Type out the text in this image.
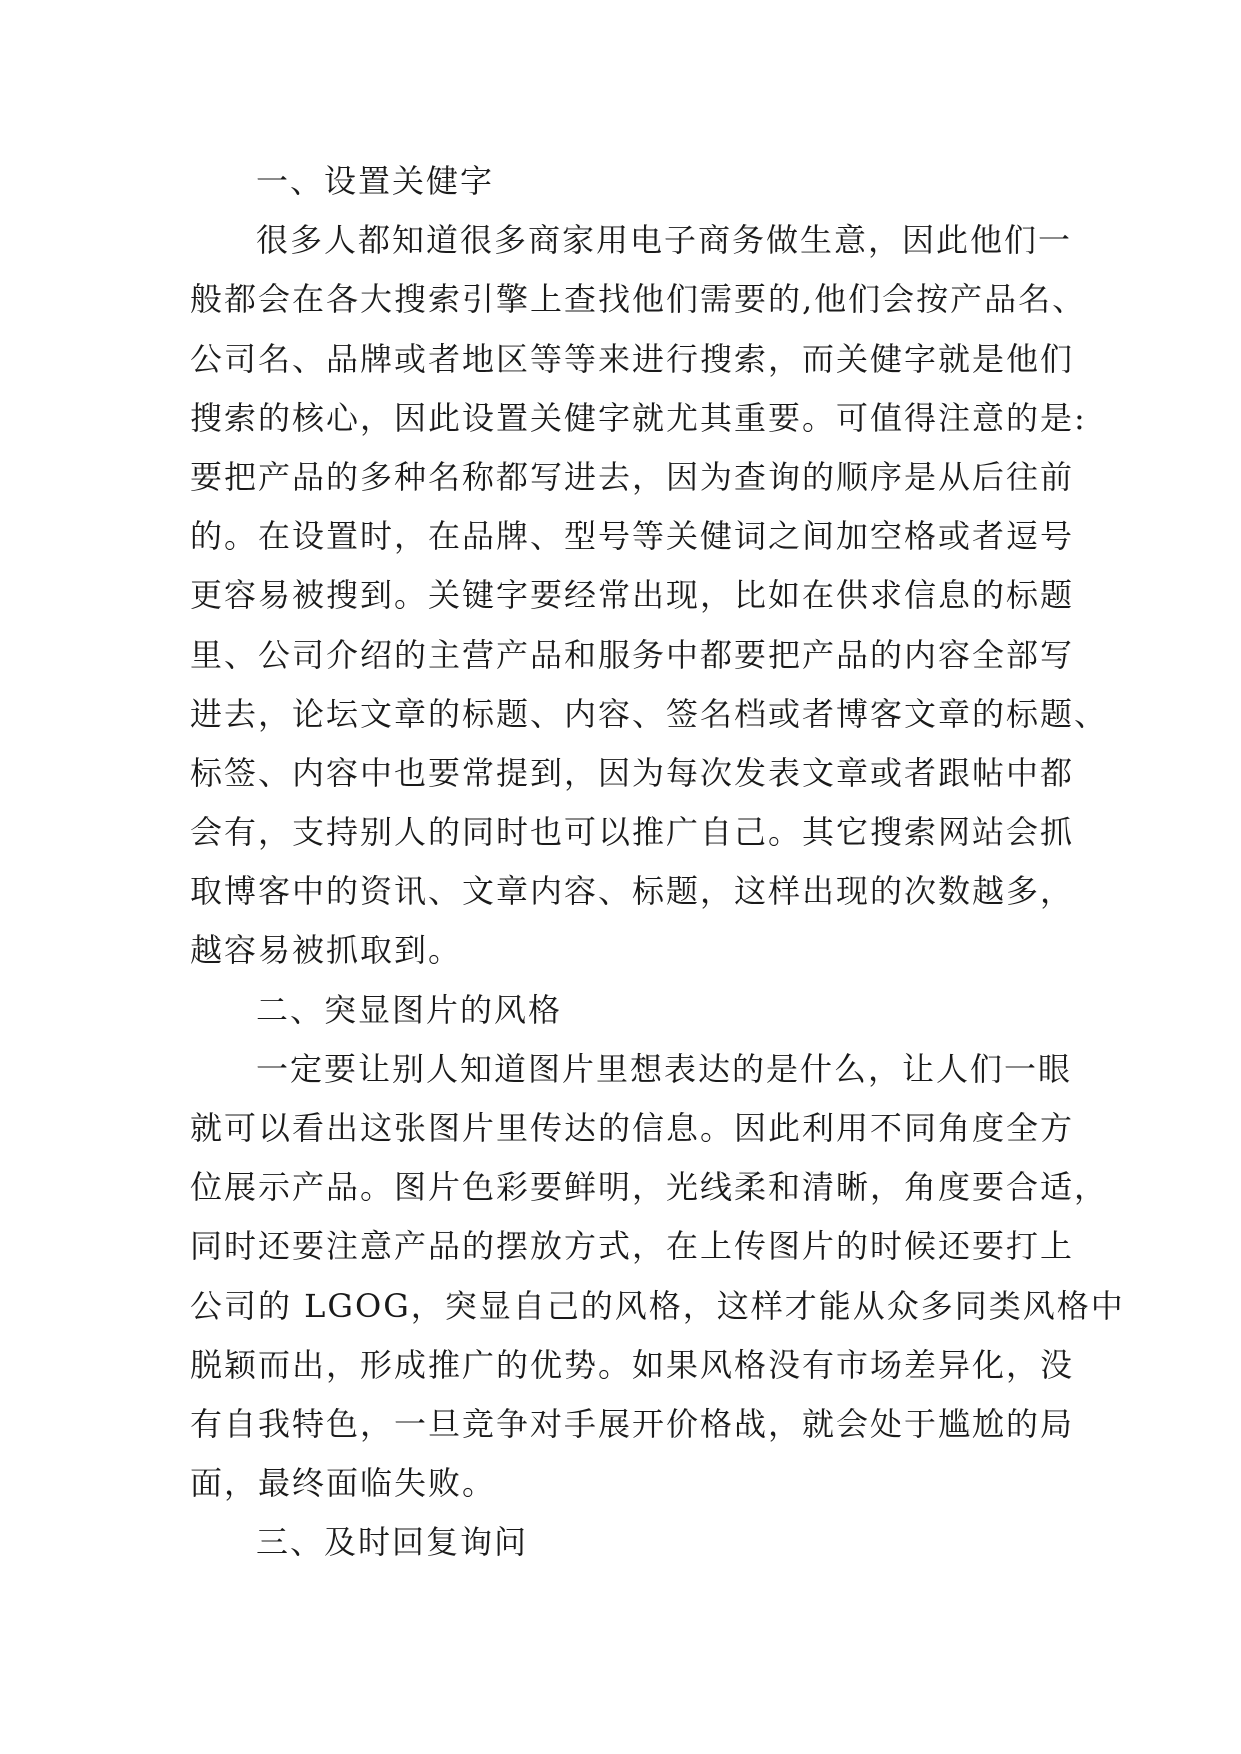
一、设置关健字
很多人都知道很多商家用电子商务做生意，因此他们一
般都会在各大搜索引擎上查找他们需要的,他们会按产品名、
公司名、品牌或者地区等等来进行搜索，而关健字就是他们
搜索的核心，因此设置关健字就尤其重要。可值得注意的是:
要把产品的多种名称都写进去，因为查询的顺序是从后往前
的。在设置时，在品牌、型号等关健词之间加空格或者逗号
更容易被搜到。关键字要经常出现，比如在供求信息的标题
里、公司介绍的主营产品和服务中都要把产品的内容全部写
进去，论坛文章的标题、内容、签名档或者博客文章的标题、
标签、内容中也要常提到，因为每次发表文章或者跟帖中都
会有，支持别人的同时也可以推广自己。其它搜索网站会抓
取博客中的资讯、文章内容、标题，这样出现的次数越多，
越容易被抓取到。
二、突显图片的风格
一定要让别人知道图片里想表达的是什么，让人们一眼
就可以看出这张图片里传达的信息。因此利用不同角度全方
位展示产品。图片色彩要鲜明，光线柔和清晰，角度要合适，
同时还要注意产品的摆放方式，在上传图片的时候还要打上
公司的 LGOG，突显自己的风格，这样才能从众多同类风格中
脱颖而出，形成推广的优势。如果风格没有市场差异化，没
有自我特色，一旦竞争对手展开价格战，就会处于尴尬的局
面，最终面临失败。
三、及时回复询问
